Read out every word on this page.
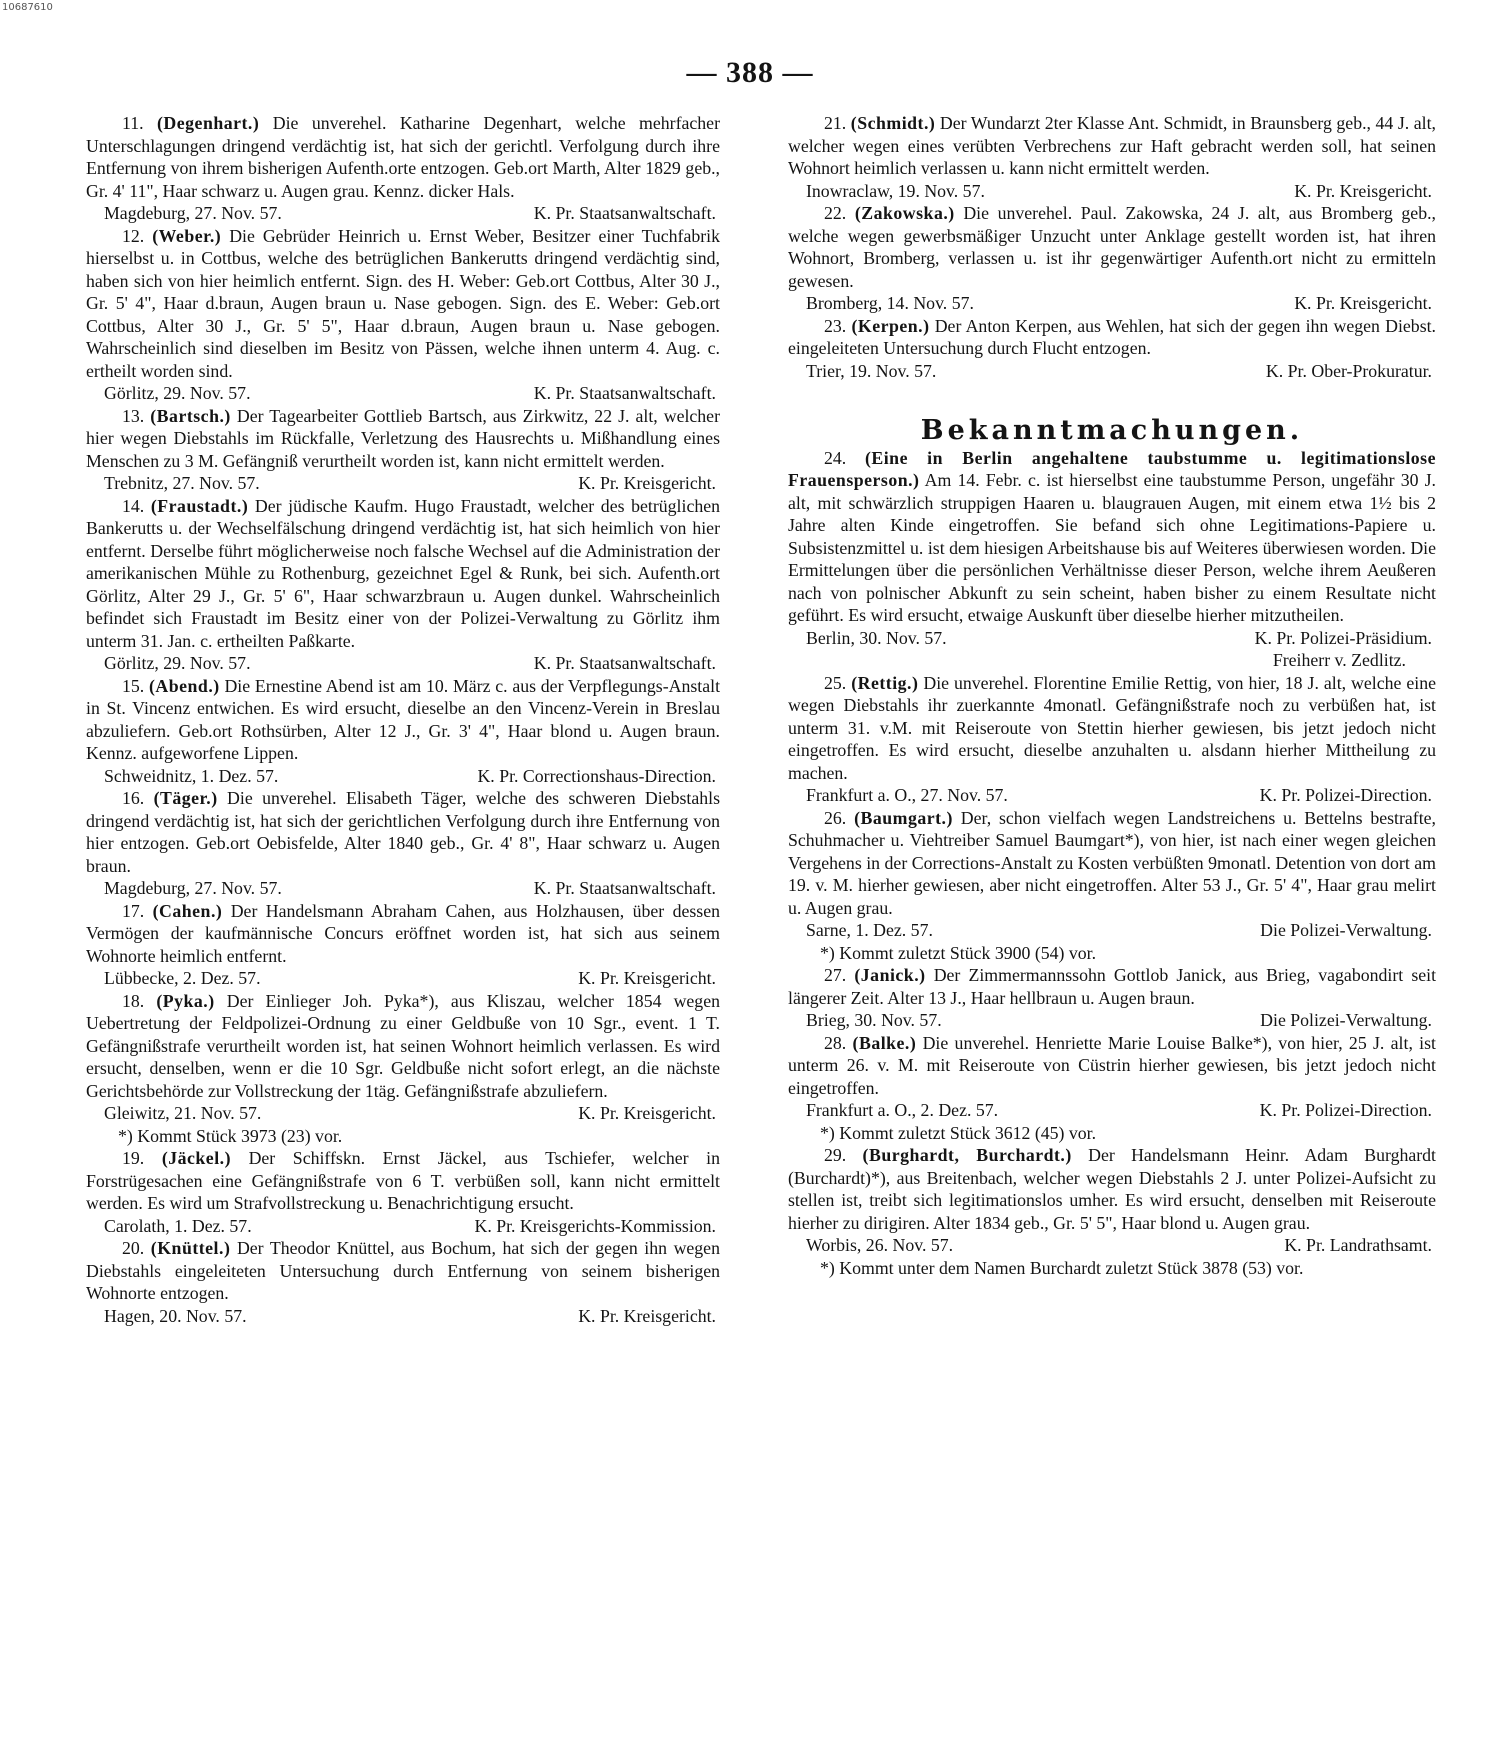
10687610
— 388 —

11. (Degenhart.) Die unverehel. Katharine Degenhart, welche mehrfacher Unterschlagungen dringend verdächtig ist, hat sich der gerichtl. Verfolgung durch ihre Entfernung von ihrem bisherigen Aufenth.orte entzogen. Geb.ort Marth, Alter 1829 geb., Gr. 4' 11", Haar schwarz u. Augen grau. Kennz. dicker Hals.

Magdeburg, 27. Nov. 57.	K. Pr. Staatsanwaltschaft.

12. (Weber.) Die Gebrüder Heinrich u. Ernst Weber, Besitzer einer Tuchfabrik hierselbst u. in Cottbus, welche des betrüglichen Bankerutts dringend verdächtig sind, haben sich von hier heimlich entfernt. Sign. des H. Weber: Geb.ort Cottbus, Alter 30 J., Gr. 5' 4", Haar d.braun, Augen braun u. Nase gebogen. Sign. des E. Weber: Geb.ort Cottbus, Alter 30 J., Gr. 5' 5", Haar d.braun, Augen braun u. Nase gebogen. Wahrscheinlich sind dieselben im Besitz von Pässen, welche ihnen unterm 4. Aug. c. ertheilt worden sind.

Görlitz, 29. Nov. 57.	K. Pr. Staatsanwaltschaft.

13. (Bartsch.) Der Tagearbeiter Gottlieb Bartsch, aus Zirkwitz, 22 J. alt, welcher hier wegen Diebstahls im Rückfalle, Verletzung des Hausrechts u. Mißhandlung eines Menschen zu 3 M. Gefängniß verurtheilt worden ist, kann nicht ermittelt werden.

Trebnitz, 27. Nov. 57.	K. Pr. Kreisgericht.

14. (Fraustadt.) Der jüdische Kaufm. Hugo Fraustadt, welcher des betrüglichen Bankerutts u. der Wechselfälschung dringend verdächtig ist, hat sich heimlich von hier entfernt. Derselbe führt möglicherweise noch falsche Wechsel auf die Administration der amerikanischen Mühle zu Rothenburg, gezeichnet Egel & Runk, bei sich. Aufenth.ort Görlitz, Alter 29 J., Gr. 5' 6", Haar schwarzbraun u. Augen dunkel. Wahrscheinlich befindet sich Fraustadt im Besitz einer von der Polizei-Verwaltung zu Görlitz ihm unterm 31. Jan. c. ertheilten Paßkarte.

Görlitz, 29. Nov. 57.	K. Pr. Staatsanwaltschaft.

15. (Abend.) Die Ernestine Abend ist am 10. März c. aus der Verpflegungs-Anstalt in St. Vincenz entwichen. Es wird ersucht, dieselbe an den Vincenz-Verein in Breslau abzuliefern. Geb.ort Rothsürben, Alter 12 J., Gr. 3' 4", Haar blond u. Augen braun. Kennz. aufgeworfene Lippen.

Schweidnitz, 1. Dez. 57.	K. Pr. Correctionshaus-Direction.

16. (Täger.) Die unverehel. Elisabeth Täger, welche des schweren Diebstahls dringend verdächtig ist, hat sich der gerichtlichen Verfolgung durch ihre Entfernung von hier entzogen. Geb.ort Oebisfelde, Alter 1840 geb., Gr. 4' 8", Haar schwarz u. Augen braun.

Magdeburg, 27. Nov. 57.	K. Pr. Staatsanwaltschaft.

17. (Cahen.) Der Handelsmann Abraham Cahen, aus Holzhausen, über dessen Vermögen der kaufmännische Concurs eröffnet worden ist, hat sich aus seinem Wohnorte heimlich entfernt.

Lübbecke, 2. Dez. 57.	K. Pr. Kreisgericht.

18. (Pyka.) Der Einlieger Joh. Pyka*), aus Kliszau, welcher 1854 wegen Uebertretung der Feldpolizei-Ordnung zu einer Geldbuße von 10 Sgr., event. 1 T. Gefängnißstrafe verurtheilt worden ist, hat seinen Wohnort heimlich verlassen. Es wird ersucht, denselben, wenn er die 10 Sgr. Geldbuße nicht sofort erlegt, an die nächste Gerichtsbehörde zur Vollstreckung der 1täg. Gefängnißstrafe abzuliefern.

Gleiwitz, 21. Nov. 57.	K. Pr. Kreisgericht.
*) Kommt Stück 3973 (23) vor.

19. (Jäckel.) Der Schiffskn. Ernst Jäckel, aus Tschiefer, welcher in Forstrügesachen eine Gefängnißstrafe von 6 T. verbüßen soll, kann nicht ermittelt werden. Es wird um Strafvollstreckung u. Benachrichtigung ersucht.

Carolath, 1. Dez. 57.	K. Pr. Kreisgerichts-Kommission.

20. (Knüttel.) Der Theodor Knüttel, aus Bochum, hat sich der gegen ihn wegen Diebstahls eingeleiteten Untersuchung durch Entfernung von seinem bisherigen Wohnorte entzogen.

Hagen, 20. Nov. 57.	K. Pr. Kreisgericht.

21. (Schmidt.) Der Wundarzt 2ter Klasse Ant. Schmidt, in Braunsberg geb., 44 J. alt, welcher wegen eines verübten Verbrechens zur Haft gebracht werden soll, hat seinen Wohnort heimlich verlassen u. kann nicht ermittelt werden.

Inowraclaw, 19. Nov. 57.	K. Pr. Kreisgericht.

22. (Zakowska.) Die unverehel. Paul. Zakowska, 24 J. alt, aus Bromberg geb., welche wegen gewerbsmäßiger Unzucht unter Anklage gestellt worden ist, hat ihren Wohnort, Bromberg, verlassen u. ist ihr gegenwärtiger Aufenth.ort nicht zu ermitteln gewesen.

Bromberg, 14. Nov. 57.	K. Pr. Kreisgericht.

23. (Kerpen.) Der Anton Kerpen, aus Wehlen, hat sich der gegen ihn wegen Diebst. eingeleiteten Untersuchung durch Flucht entzogen.

Trier, 19. Nov. 57.	K. Pr. Ober-Prokuratur.
Bekanntmachungen.

24. (Eine in Berlin angehaltene taubstumme u. legitimationslose Frauensperson.) Am 14. Febr. c. ist hierselbst eine taubstumme Person, ungefähr 30 J. alt, mit schwärzlich struppigen Haaren u. blaugrauen Augen, mit einem etwa 1½ bis 2 Jahre alten Kinde eingetroffen. Sie befand sich ohne Legitimations-Papiere u. Subsistenzmittel u. ist dem hiesigen Arbeitshause bis auf Weiteres überwiesen worden. Die Ermittelungen über die persönlichen Verhältnisse dieser Person, welche ihrem Aeußeren nach von polnischer Abkunft zu sein scheint, haben bisher zu einem Resultate nicht geführt. Es wird ersucht, etwaige Auskunft über dieselbe hierher mitzutheilen.

Berlin, 30. Nov. 57.	K. Pr. Polizei-Präsidium.
Freiherr v. Zedlitz.

25. (Rettig.) Die unverehel. Florentine Emilie Rettig, von hier, 18 J. alt, welche eine wegen Diebstahls ihr zuerkannte 4monatl. Gefängnißstrafe noch zu verbüßen hat, ist unterm 31. v.M. mit Reiseroute von Stettin hierher gewiesen, bis jetzt jedoch nicht eingetroffen. Es wird ersucht, dieselbe anzuhalten u. alsdann hierher Mittheilung zu machen.

Frankfurt a. O., 27. Nov. 57.	K. Pr. Polizei-Direction.

26. (Baumgart.) Der, schon vielfach wegen Landstreichens u. Bettelns bestrafte, Schuhmacher u. Viehtreiber Samuel Baumgart*), von hier, ist nach einer wegen gleichen Vergehens in der Corrections-Anstalt zu Kosten verbüßten 9monatl. Detention von dort am 19. v. M. hierher gewiesen, aber nicht eingetroffen. Alter 53 J., Gr. 5' 4", Haar grau melirt u. Augen grau.

Sarne, 1. Dez. 57.	Die Polizei-Verwaltung.
*) Kommt zuletzt Stück 3900 (54) vor.

27. (Janick.) Der Zimmermannssohn Gottlob Janick, aus Brieg, vagabondirt seit längerer Zeit. Alter 13 J., Haar hellbraun u. Augen braun.

Brieg, 30. Nov. 57.	Die Polizei-Verwaltung.

28. (Balke.) Die unverehel. Henriette Marie Louise Balke*), von hier, 25 J. alt, ist unterm 26. v. M. mit Reiseroute von Cüstrin hierher gewiesen, bis jetzt jedoch nicht eingetroffen.

Frankfurt a. O., 2. Dez. 57.	K. Pr. Polizei-Direction.
*) Kommt zuletzt Stück 3612 (45) vor.

29. (Burghardt, Burchardt.) Der Handelsmann Heinr. Adam Burghardt (Burchardt)*), aus Breitenbach, welcher wegen Diebstahls 2 J. unter Polizei-Aufsicht zu stellen ist, treibt sich legitimationslos umher. Es wird ersucht, denselben mit Reiseroute hierher zu dirigiren. Alter 1834 geb., Gr. 5' 5", Haar blond u. Augen grau.

Worbis, 26. Nov. 57.	K. Pr. Landrathsamt.
*) Kommt unter dem Namen Burchardt zuletzt Stück 3878 (53) vor.
